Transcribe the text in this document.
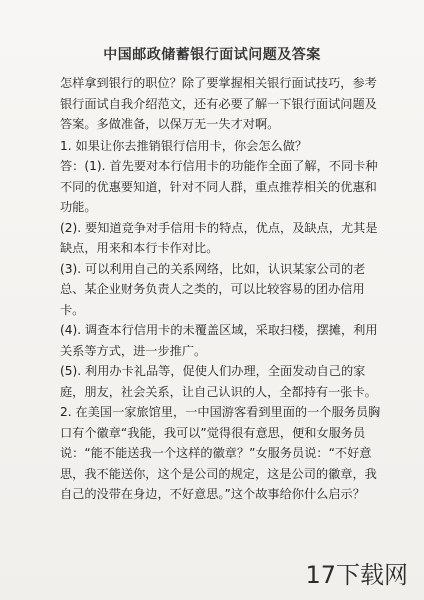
中国邮政储蓄银行面试问题及答案

怎样拿到银行的职位？除了要掌握相关银行面试技巧，参考银行面试自我介绍范文，还有必要了解一下银行面试问题及答案。多做准备，以保万无一失才对啊。

1. 如果让你去推销银行信用卡，你会怎么做？

答：(1). 首先要对本行信用卡的功能作全面了解，不同卡种不同的优惠要知道，针对不同人群，重点推荐相关的优惠和功能。

(2). 要知道竞争对手信用卡的特点，优点，及缺点，尤其是缺点，用来和本行卡作对比。

(3). 可以利用自己的关系网络，比如，认识某家公司的老总、某企业财务负责人之类的，可以比较容易的团办信用卡。

(4). 调查本行信用卡的未覆盖区域，采取扫楼，摆摊，利用关系等方式，进一步推广。

(5). 利用办卡礼品等，促使人们办理，全面发动自己的家庭，朋友，社会关系，让自己认识的人，全都持有一张卡。

2. 在美国一家旅馆里，一中国游客看到里面的一个服务员胸口有个徽章“我能，我可以”觉得很有意思，便和女服务员说：“能不能送我一个这样的徽章？”女服务员说：“不好意思，我不能送你，这个是公司的规定，这是公司的徽章，我自己的没带在身边，不好意思。”这个故事给你什么启示？

17下载网
